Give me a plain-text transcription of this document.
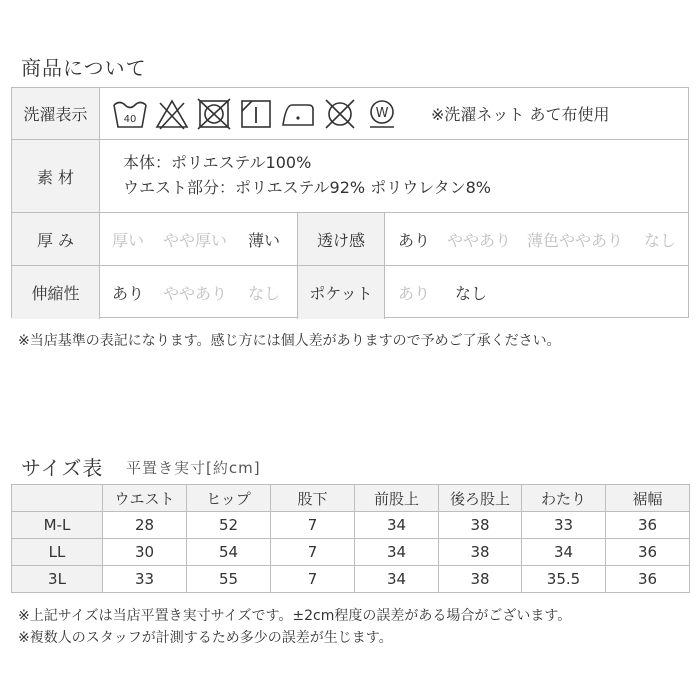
商品について
洗濯表示	40	W	※洗濯ネット あて布使用
素 材
本体：ポリエステル100%
ウエスト部分：ポリエステル92% ポリウレタン8%
厚 み	厚い やや厚い 薄い	透け感	あり ややあり 薄色ややあり なし
伸縮性	あり ややあり なし	ポケット	あり なし
※当店基準の表記になります。感じ方には個人差がありますので予めご了承ください。
サイズ表 平置き実寸[約cm]
	ウエスト	ヒップ	股下	前股上	後ろ股上	わたり	裾幅
M-L	28	52	7	34	38	33	36
LL	30	54	7	34	38	34	36
3L	33	55	7	34	38	35.5	36
※上記サイズは当店平置き実寸サイズです。±2cm程度の誤差がある場合がございます。
※複数人のスタッフが計測するため多少の誤差が生じます。
